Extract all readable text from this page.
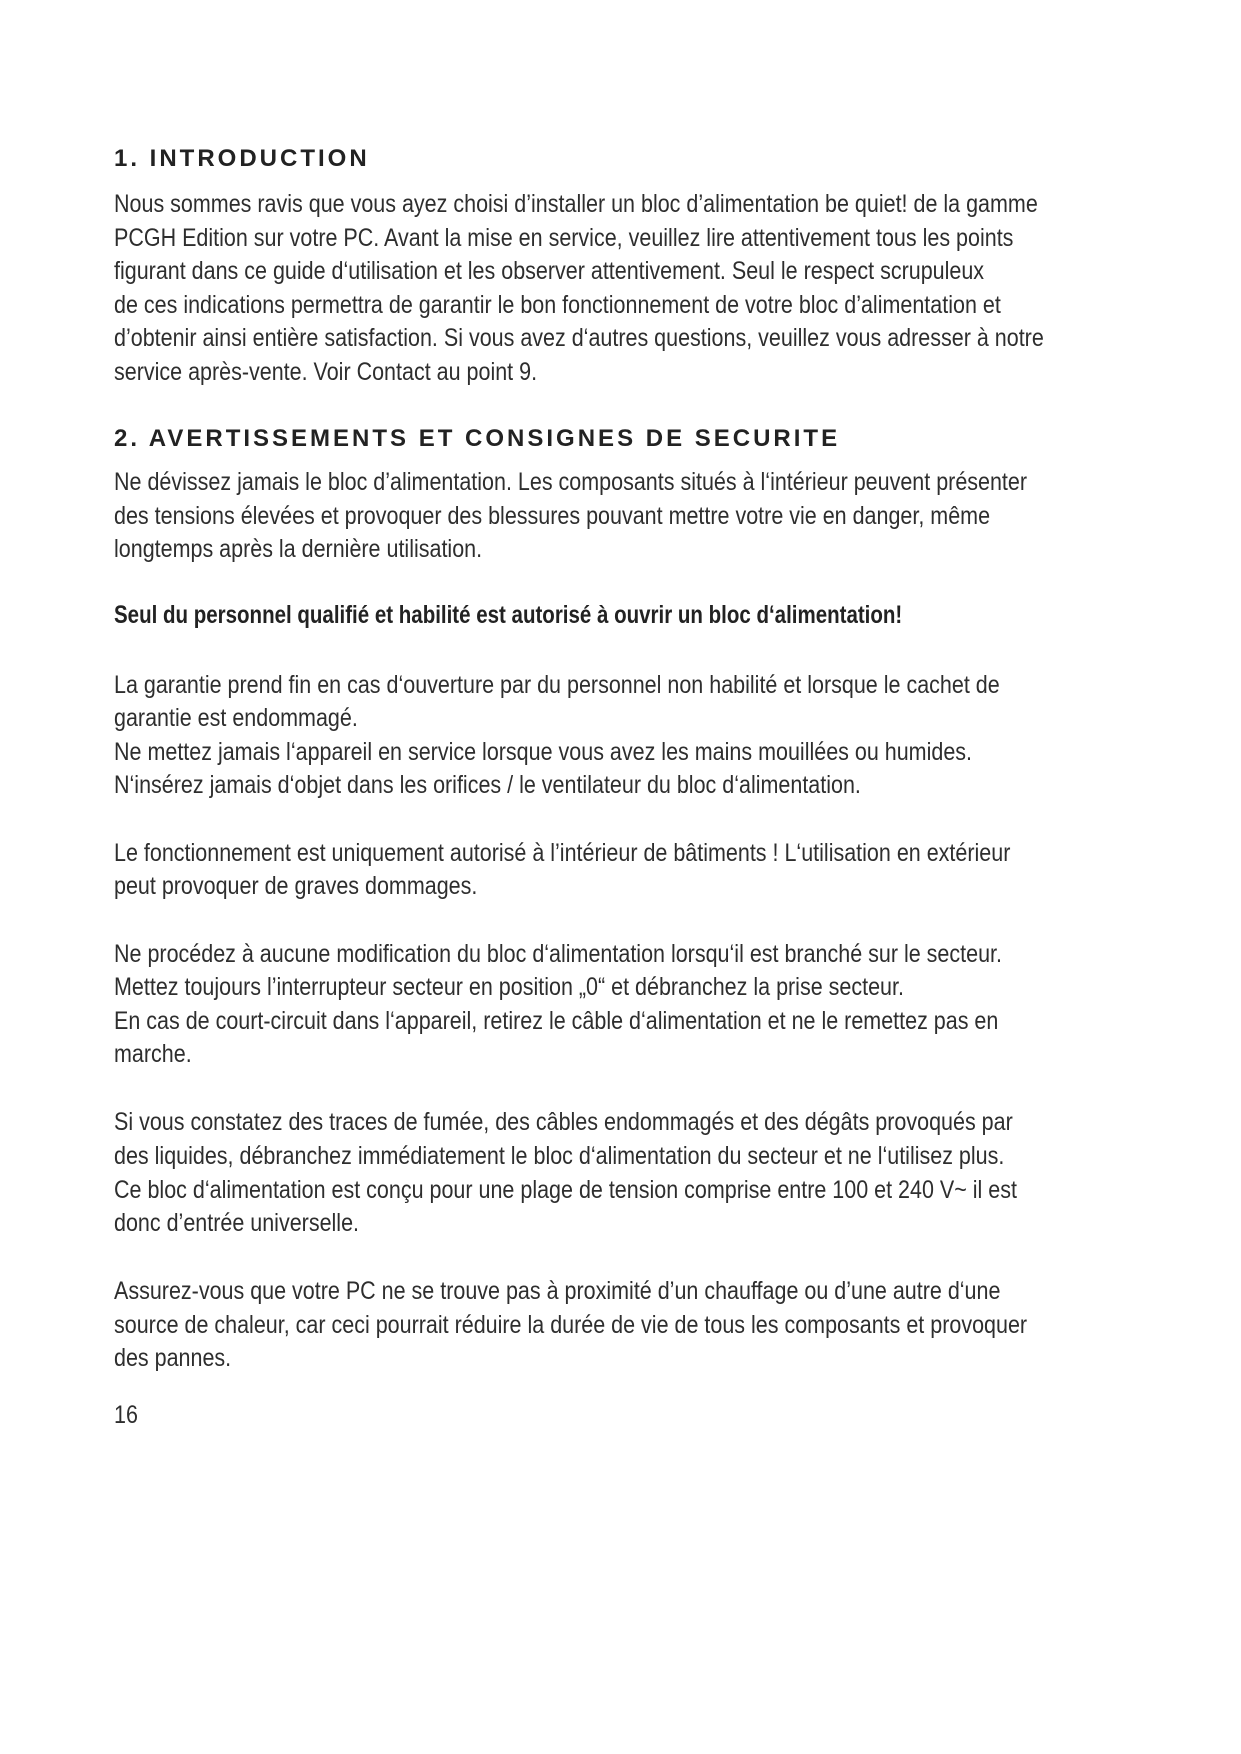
1. INTRODUCTION
Nous sommes ravis que vous ayez choisi d’installer un bloc d’alimentation be quiet! de la gamme
PCGH Edition sur votre PC. Avant la mise en service, veuillez lire attentivement tous les points
figurant dans ce guide d‘utilisation et les observer attentivement. Seul le respect scrupuleux
de ces indications permettra de garantir le bon fonctionnement de votre bloc d’alimentation et
d’obtenir ainsi entière satisfaction. Si vous avez d‘autres questions, veuillez vous adresser à notre
service après-vente. Voir Contact au point 9.
2. AVERTISSEMENTS ET CONSIGNES DE SECURITE
Ne dévissez jamais le bloc d’alimentation. Les composants situés à l‘intérieur peuvent présenter
des tensions élevées et provoquer des blessures pouvant mettre votre vie en danger, même
longtemps après la dernière utilisation.
Seul du personnel qualifié et habilité est autorisé à ouvrir un bloc d‘alimentation!
La garantie prend fin en cas d‘ouverture par du personnel non habilité et lorsque le cachet de
garantie est endommagé.
Ne mettez jamais l‘appareil en service lorsque vous avez les mains mouillées ou humides.
N‘insérez jamais d‘objet dans les orifices / le ventilateur du bloc d‘alimentation.
Le fonctionnement est uniquement autorisé à l’intérieur de bâtiments ! L‘utilisation en extérieur
peut provoquer de graves dommages.
Ne procédez à aucune modification du bloc d‘alimentation lorsqu‘il est branché sur le secteur.
Mettez toujours l’interrupteur secteur en position „0“ et débranchez la prise secteur.
En cas de court-circuit dans l‘appareil, retirez le câble d‘alimentation et ne le remettez pas en
marche.
Si vous constatez des traces de fumée, des câbles endommagés et des dégâts provoqués par
des liquides, débranchez immédiatement le bloc d‘alimentation du secteur et ne l‘utilisez plus.
Ce bloc d‘alimentation est conçu pour une plage de tension comprise entre 100 et 240 V~ il est
donc d’entrée universelle.
Assurez-vous que votre PC ne se trouve pas à proximité d’un chauffage ou d’une autre d‘une
source de chaleur, car ceci pourrait réduire la durée de vie de tous les composants et provoquer
des pannes.
16
